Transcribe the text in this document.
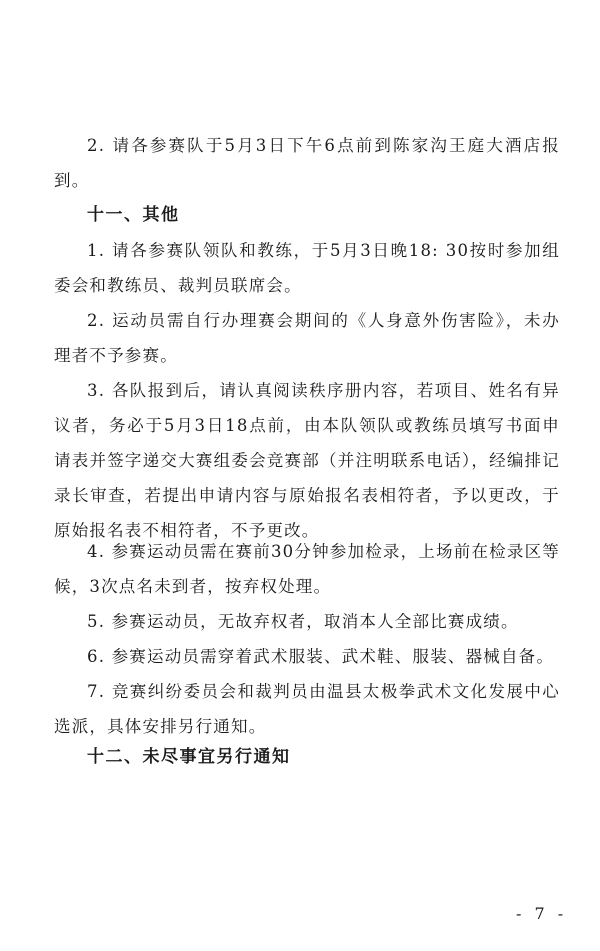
2. 请各参赛队于5月3日下午6点前到陈家沟王庭大酒店报到。

十一、其他

1. 请各参赛队领队和教练，于5月3日晚18: 30按时参加组委会和教练员、裁判员联席会。

2. 运动员需自行办理赛会期间的《人身意外伤害险》，未办理者不予参赛。

3. 各队报到后，请认真阅读秩序册内容，若项目、姓名有异议者，务必于5月3日18点前，由本队领队或教练员填写书面申请表并签字递交大赛组委会竞赛部（并注明联系电话），经编排记录长审查，若提出申请内容与原始报名表相符者，予以更改，于原始报名表不相符者，不予更改。

4. 参赛运动员需在赛前30分钟参加检录，上场前在检录区等候，3次点名未到者，按弃权处理。

5. 参赛运动员，无故弃权者，取消本人全部比赛成绩。

6. 参赛运动员需穿着武术服装、武术鞋、服装、器械自备。

7. 竞赛纠纷委员会和裁判员由温县太极拳武术文化发展中心选派，具体安排另行通知。

十二、未尽事宜另行通知

- 7 -
